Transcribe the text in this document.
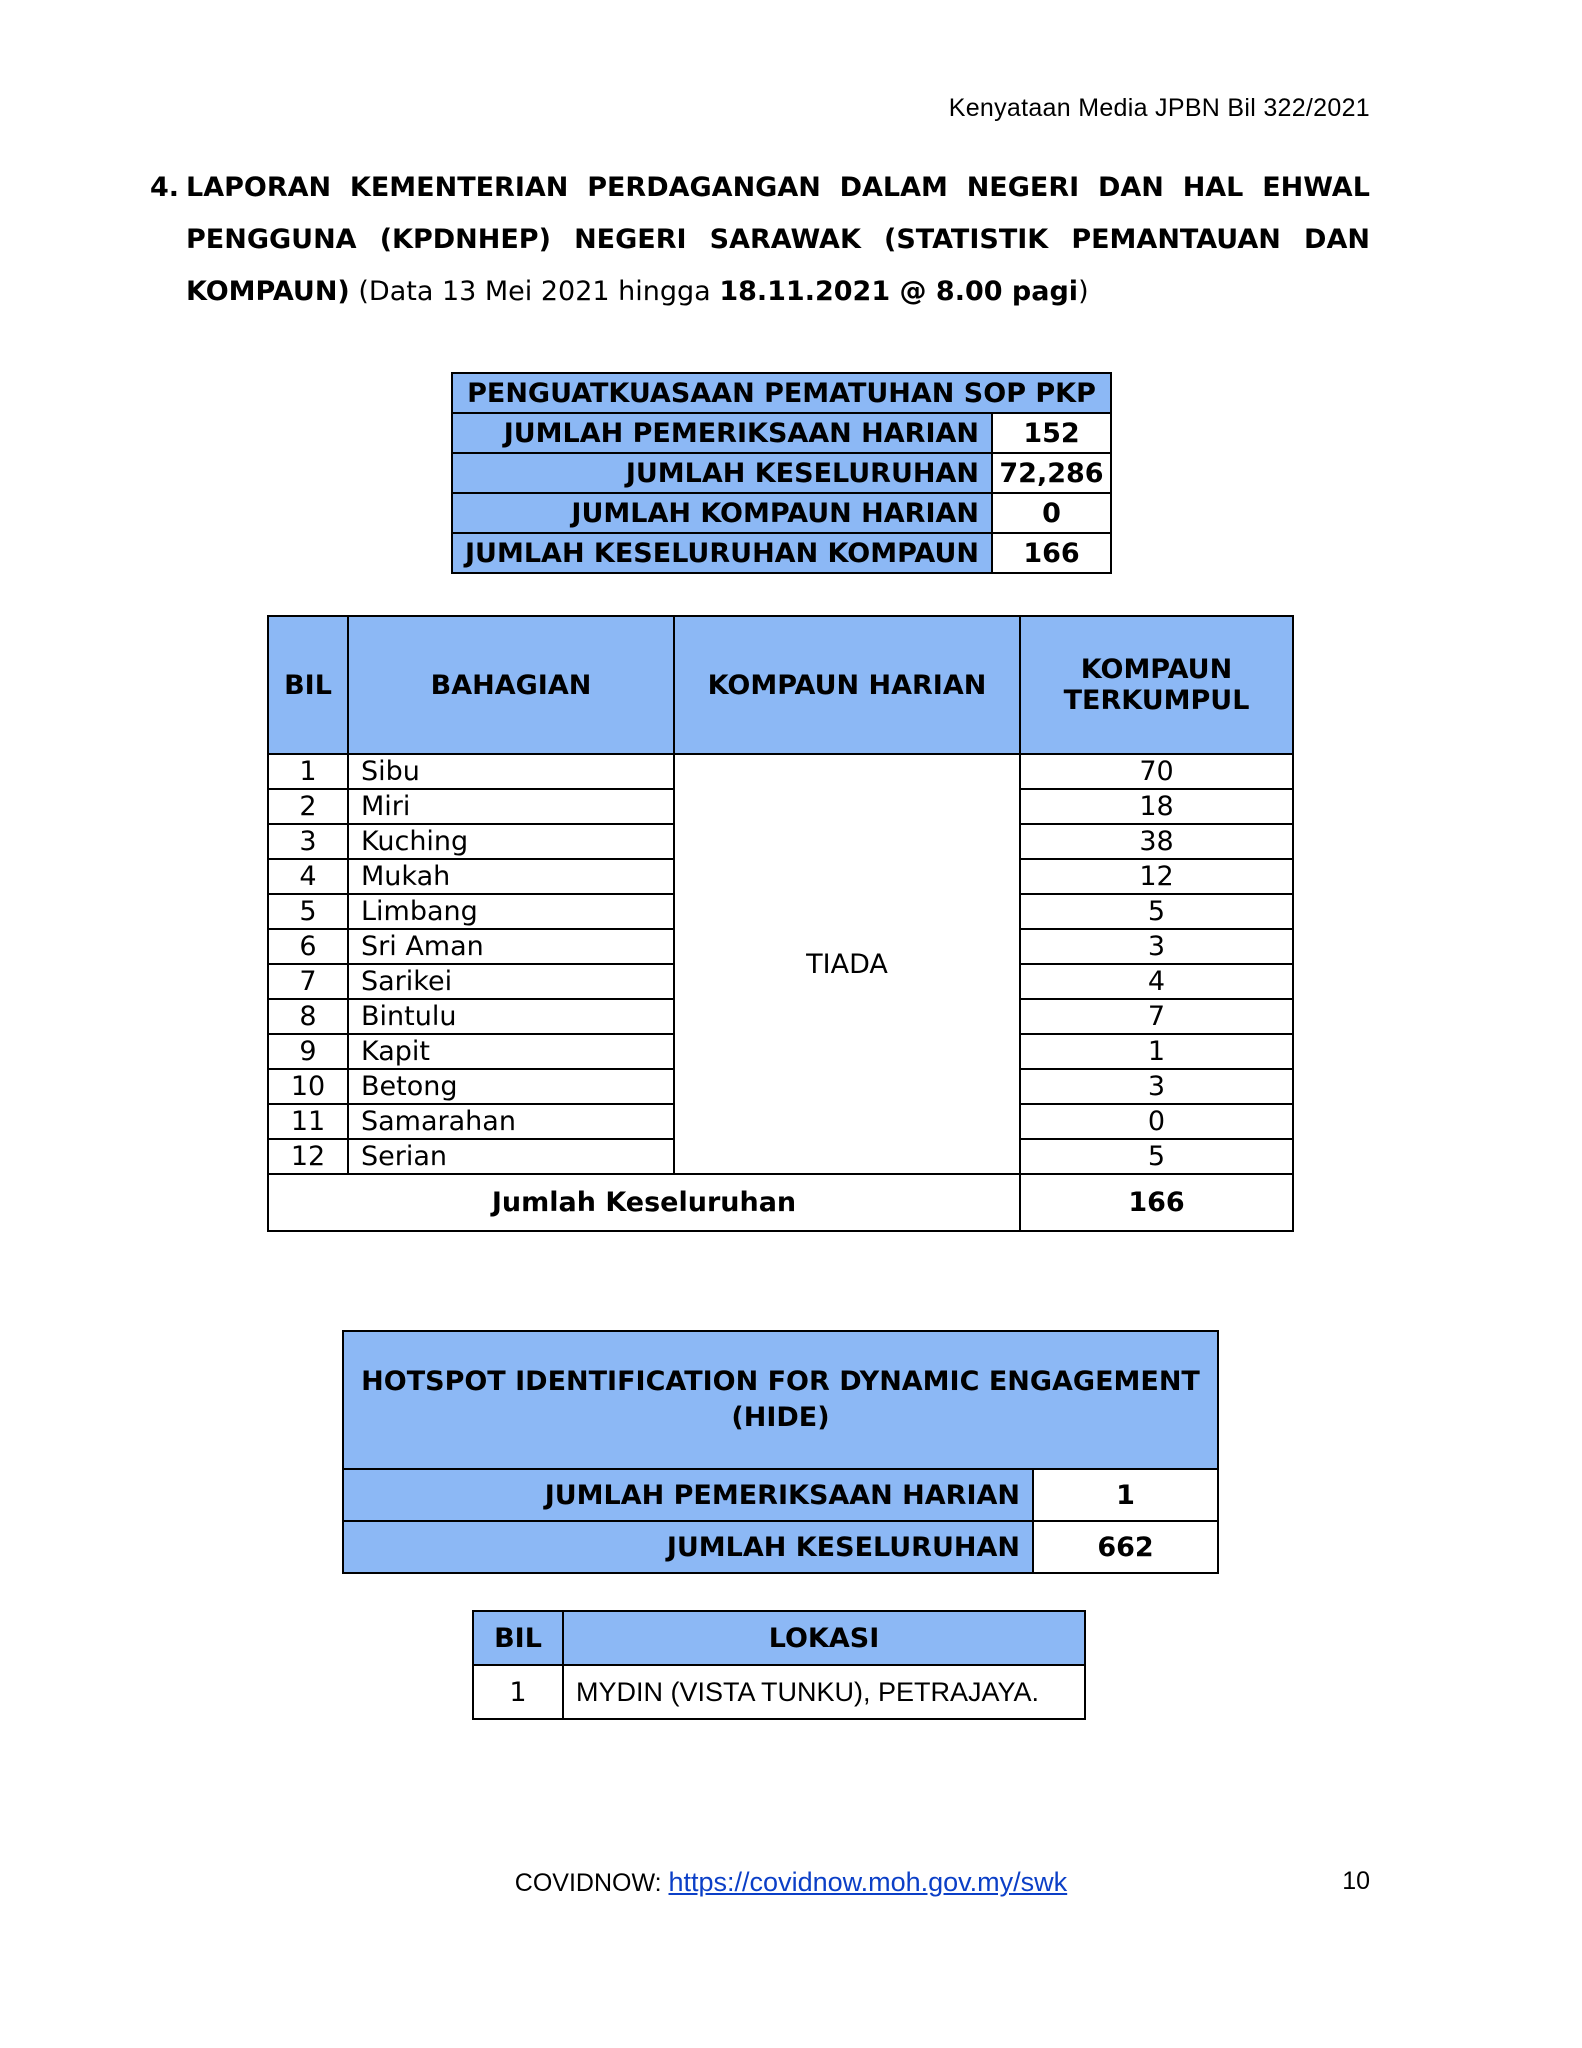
Kenyataan Media JPBN Bil 322/2021
4. LAPORAN KEMENTERIAN PERDAGANGAN DALAM NEGERI DAN HAL EHWAL
PENGGUNA (KPDNHEP) NEGERI SARAWAK (STATISTIK PEMANTAUAN DAN
KOMPAUN) (Data 13 Mei 2021 hingga 18.11.2021 @ 8.00 pagi)
PENGUATKUASAAN PEMATUHAN SOP PKP	
JUMLAH PEMERIKSAAN HARIAN	152
JUMLAH KESELURUHAN	72,286
JUMLAH KOMPAUN HARIAN	0
JUMLAH KESELURUHAN KOMPAUN	166
BIL	BAHAGIAN	KOMPAUN HARIAN	KOMPAUN TERKUMPUL
1	Sibu	TIADA	70
2	Miri		18
3	Kuching		38
4	Mukah		12
5	Limbang		5
6	Sri Aman		3
7	Sarikei		4
8	Bintulu		7
9	Kapit		1
10	Betong		3
11	Samarahan		0
12	Serian		5
Jumlah Keseluruhan			166
HOTSPOT IDENTIFICATION FOR DYNAMIC ENGAGEMENT
(HIDE)	

JUMLAH PEMERIKSAAN HARIAN	1
JUMLAH KESELURUHAN	662
BIL	LOKASI
1	MYDIN (VISTA TUNKU), PETRAJAYA.
COVIDNOW: https://covidnow.moh.gov.my/swk	10
